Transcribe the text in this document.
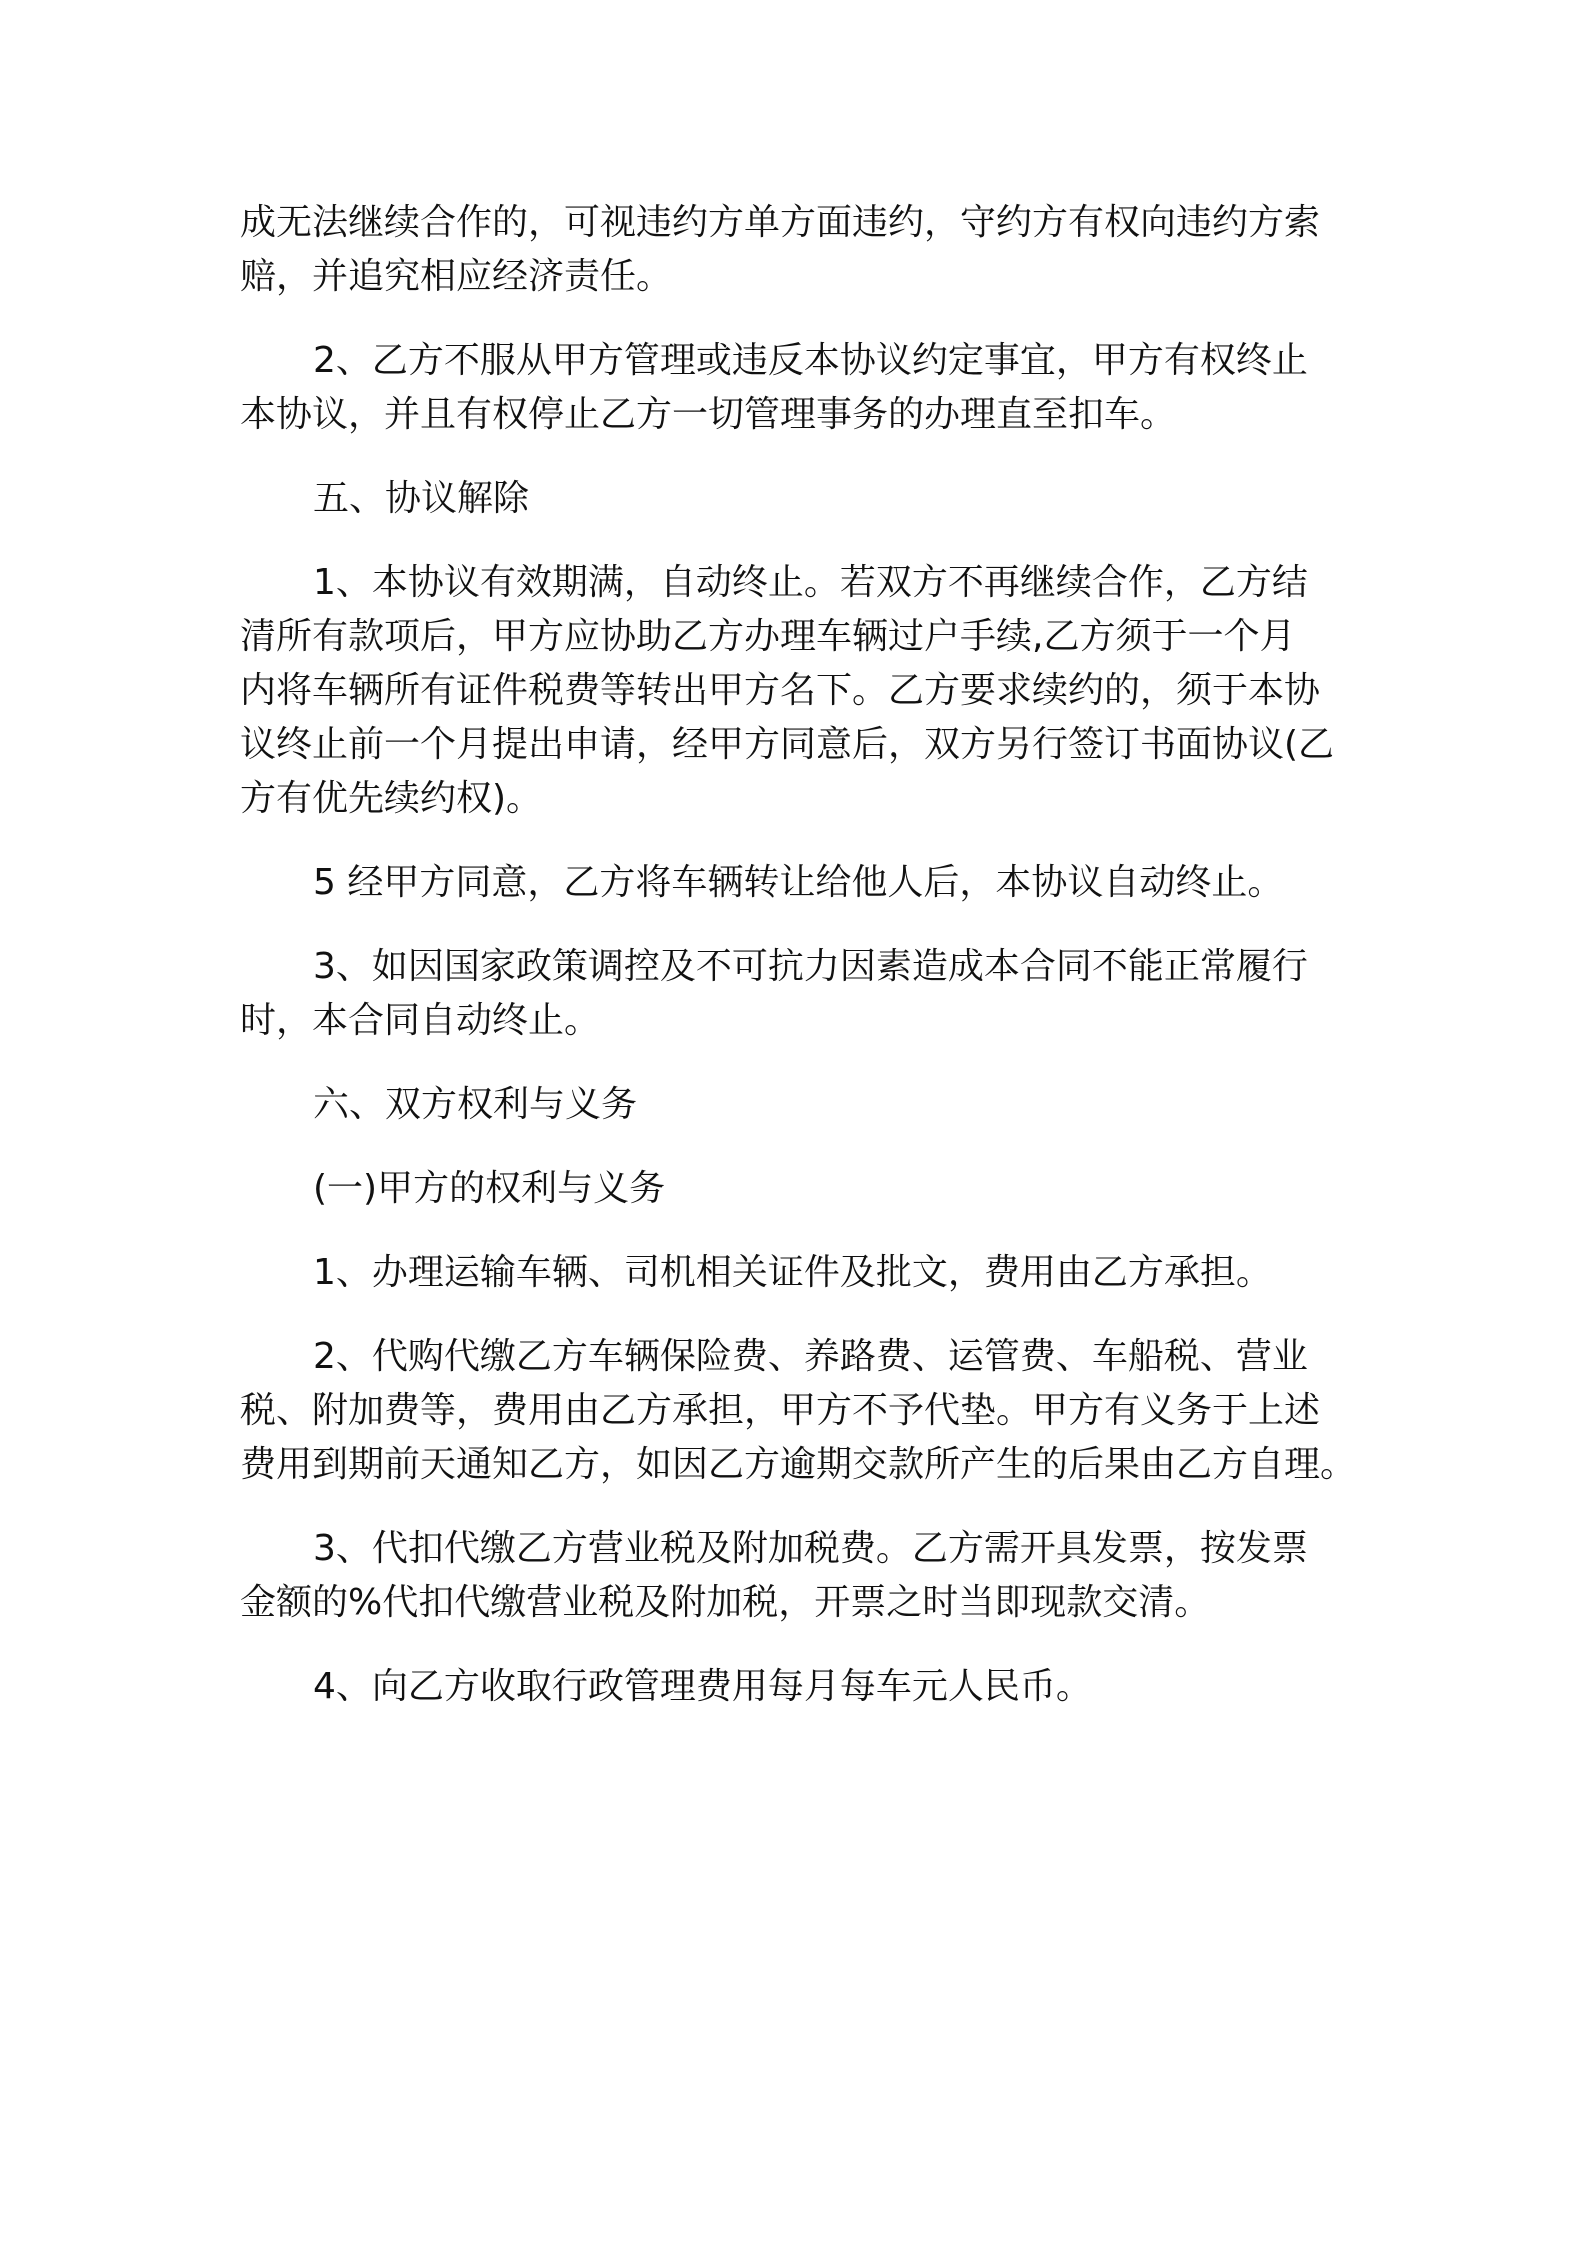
成无法继续合作的，可视违约方单方面违约，守约方有权向违约方索

赔，并追究相应经济责任。

2、乙方不服从甲方管理或违反本协议约定事宜，甲方有权终止

本协议，并且有权停止乙方一切管理事务的办理直至扣车。

五、协议解除

1、本协议有效期满，自动终止。若双方不再继续合作，乙方结

清所有款项后，甲方应协助乙方办理车辆过户手续,乙方须于一个月

内将车辆所有证件税费等转出甲方名下。乙方要求续约的，须于本协

议终止前一个月提出申请，经甲方同意后，双方另行签订书面协议(乙

方有优先续约权)。

5 经甲方同意，乙方将车辆转让给他人后，本协议自动终止。

3、如因国家政策调控及不可抗力因素造成本合同不能正常履行

时，本合同自动终止。

六、双方权利与义务

(一)甲方的权利与义务

1、办理运输车辆、司机相关证件及批文，费用由乙方承担。

2、代购代缴乙方车辆保险费、养路费、运管费、车船税、营业

税、附加费等，费用由乙方承担，甲方不予代垫。甲方有义务于上述

费用到期前天通知乙方，如因乙方逾期交款所产生的后果由乙方自理。

3、代扣代缴乙方营业税及附加税费。乙方需开具发票，按发票

金额的%代扣代缴营业税及附加税，开票之时当即现款交清。

4、向乙方收取行政管理费用每月每车元人民币。
